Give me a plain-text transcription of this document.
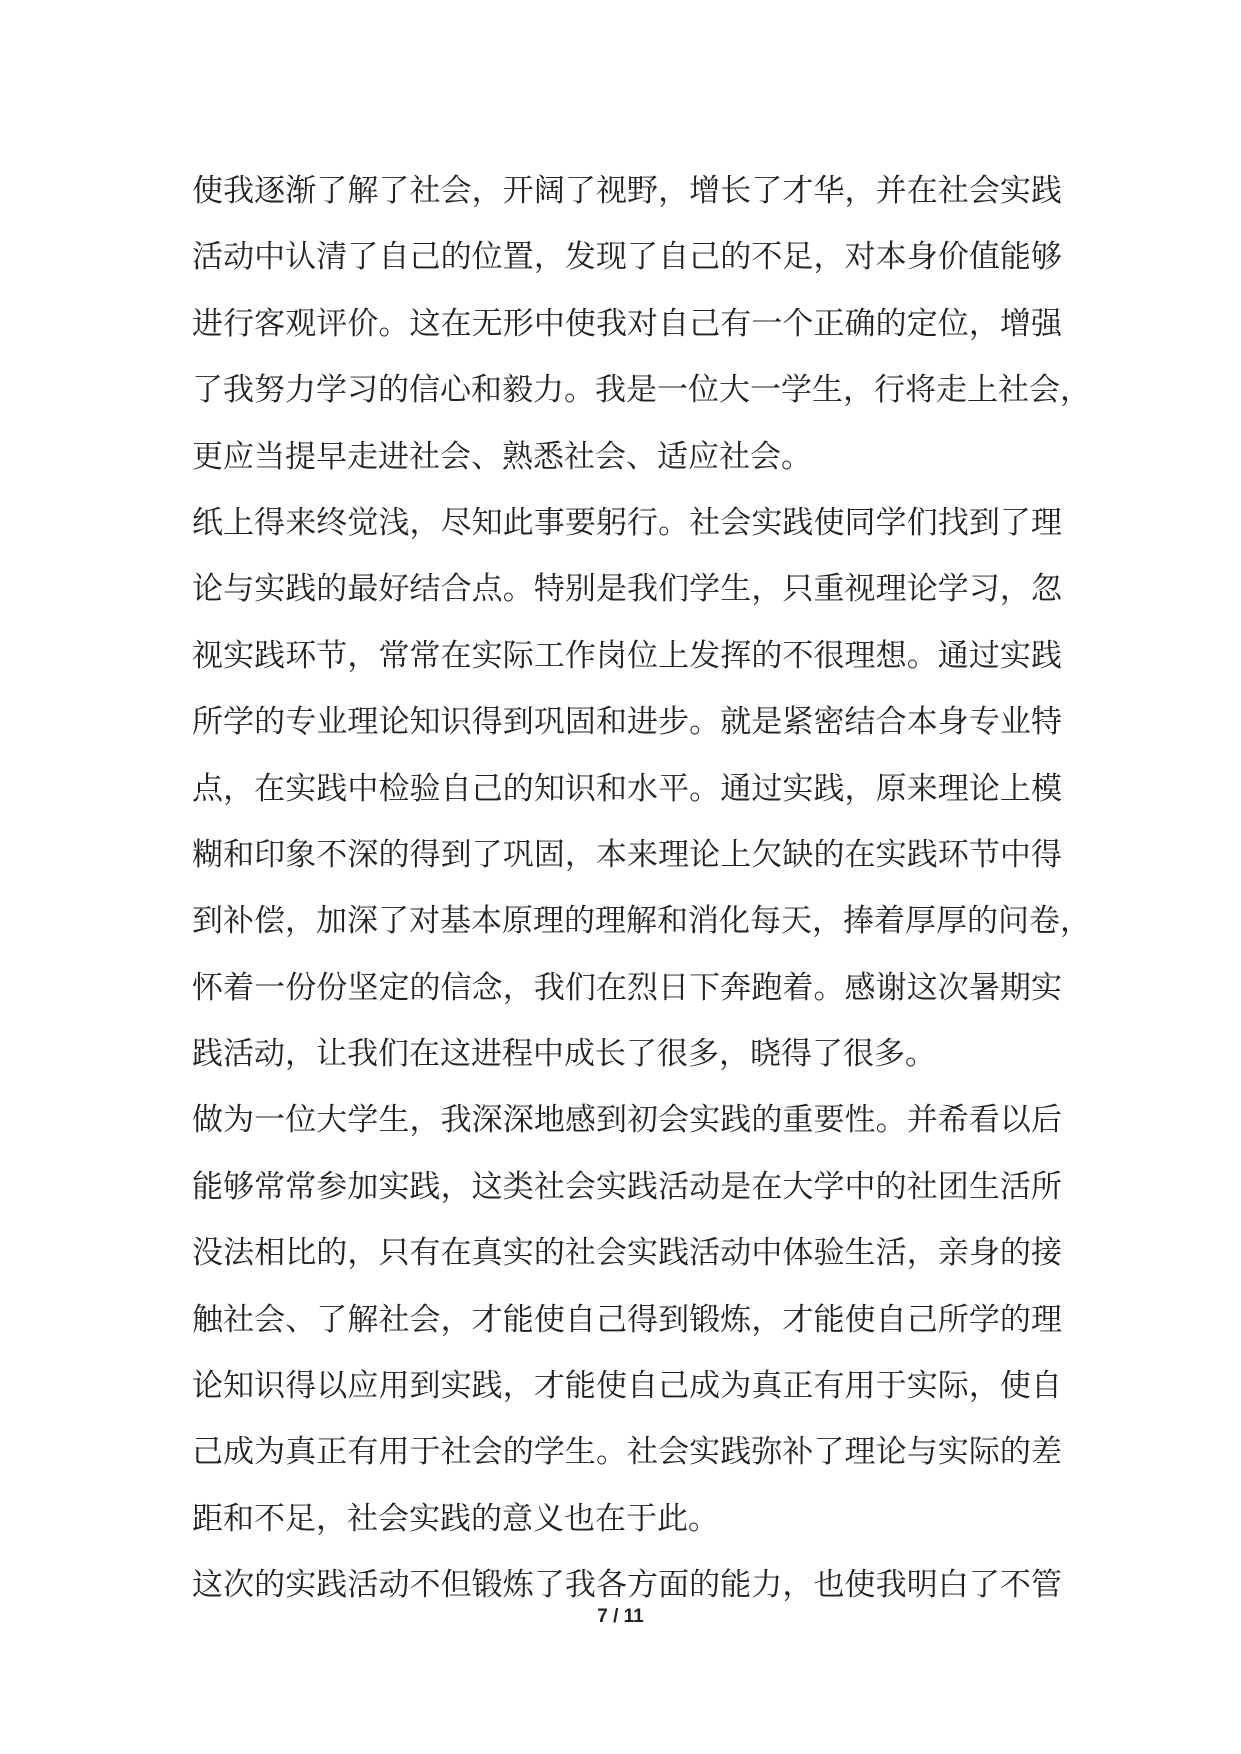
使我逐渐了解了社会，开阔了视野，增长了才华，并在社会实践
活动中认清了自己的位置，发现了自己的不足，对本身价值能够
进行客观评价。这在无形中使我对自己有一个正确的定位，增强
了我努力学习的信心和毅力。我是一位大一学生，行将走上社会，
更应当提早走进社会、熟悉社会、适应社会。
纸上得来终觉浅，尽知此事要躬行。社会实践使同学们找到了理
论与实践的最好结合点。特别是我们学生，只重视理论学习，忽
视实践环节，常常在实际工作岗位上发挥的不很理想。通过实践
所学的专业理论知识得到巩固和进步。就是紧密结合本身专业特
点，在实践中检验自己的知识和水平。通过实践，原来理论上模
糊和印象不深的得到了巩固，本来理论上欠缺的在实践环节中得
到补偿，加深了对基本原理的理解和消化每天，捧着厚厚的问卷，
怀着一份份坚定的信念，我们在烈日下奔跑着。感谢这次暑期实
践活动，让我们在这进程中成长了很多，晓得了很多。
做为一位大学生，我深深地感到初会实践的重要性。并希看以后
能够常常参加实践，这类社会实践活动是在大学中的社团生活所
没法相比的，只有在真实的社会实践活动中体验生活，亲身的接
触社会、了解社会，才能使自己得到锻炼，才能使自己所学的理
论知识得以应用到实践，才能使自己成为真正有用于实际，使自
己成为真正有用于社会的学生。社会实践弥补了理论与实际的差
距和不足，社会实践的意义也在于此。
这次的实践活动不但锻炼了我各方面的能力，也使我明白了不管
7 / 11
